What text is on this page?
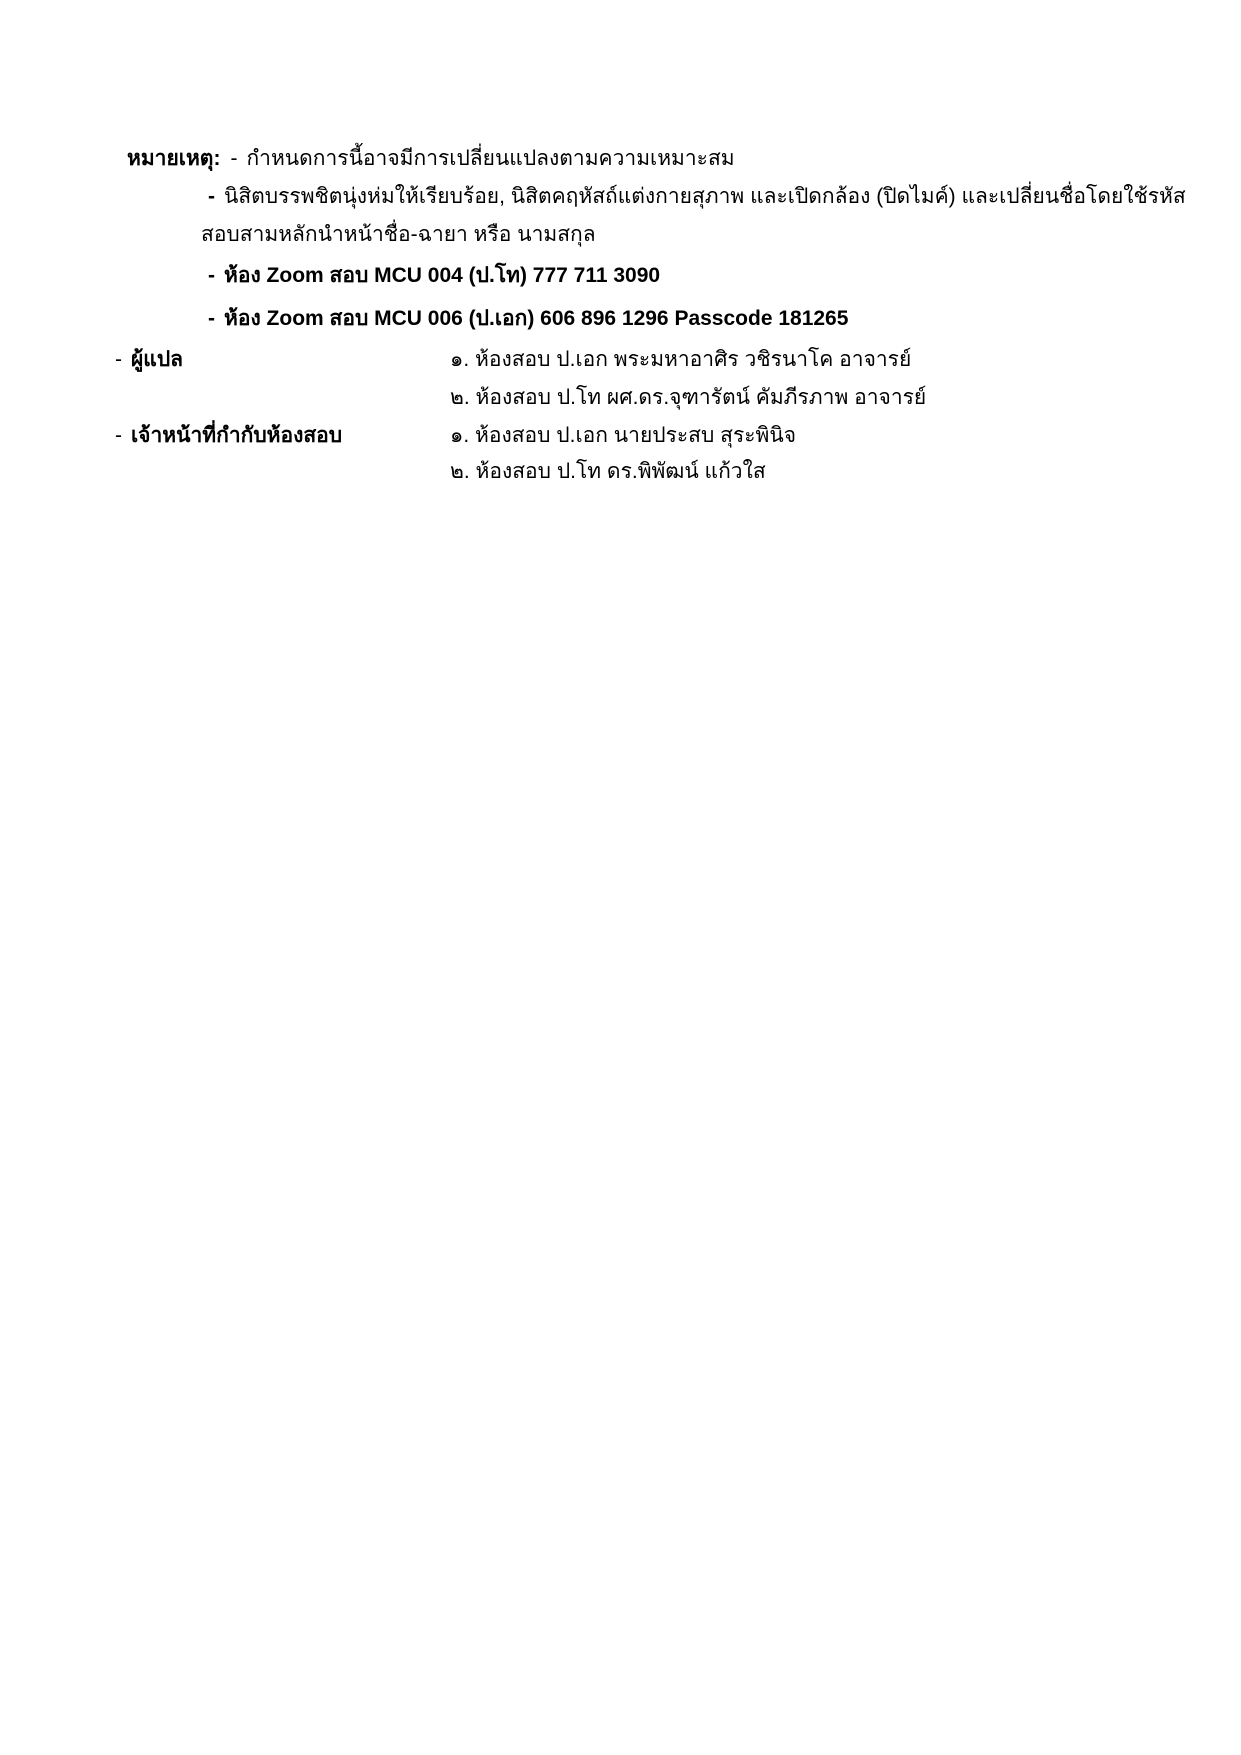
หมายเหตุ: - กำหนดการนี้อาจมีการเปลี่ยนแปลงตามความเหมาะสม
- นิสิตบรรพชิตนุ่งห่มให้เรียบร้อย, นิสิตคฤหัสถ์แต่งกายสุภาพ และเปิดกล้อง (ปิดไมค์) และเปลี่ยนชื่อโดยใช้รหัส
สอบสามหลักนำหน้าชื่อ-ฉายา หรือ นามสกุล
- ห้อง Zoom สอบ MCU 004 (ป.โท) 777 711 3090
- ห้อง Zoom สอบ MCU 006 (ป.เอก) 606 896 1296 Passcode 181265
- ผู้แปล	๑. ห้องสอบ ป.เอก พระมหาอาศิร วชิรนาโค อาจารย์
๒. ห้องสอบ ป.โท ผศ.ดร.จุฑารัตน์ คัมภีรภาพ อาจารย์
- เจ้าหน้าที่กำกับห้องสอบ	๑. ห้องสอบ ป.เอก นายประสบ สุระพินิจ
๒. ห้องสอบ ป.โท ดร.พิพัฒน์ แก้วใส
